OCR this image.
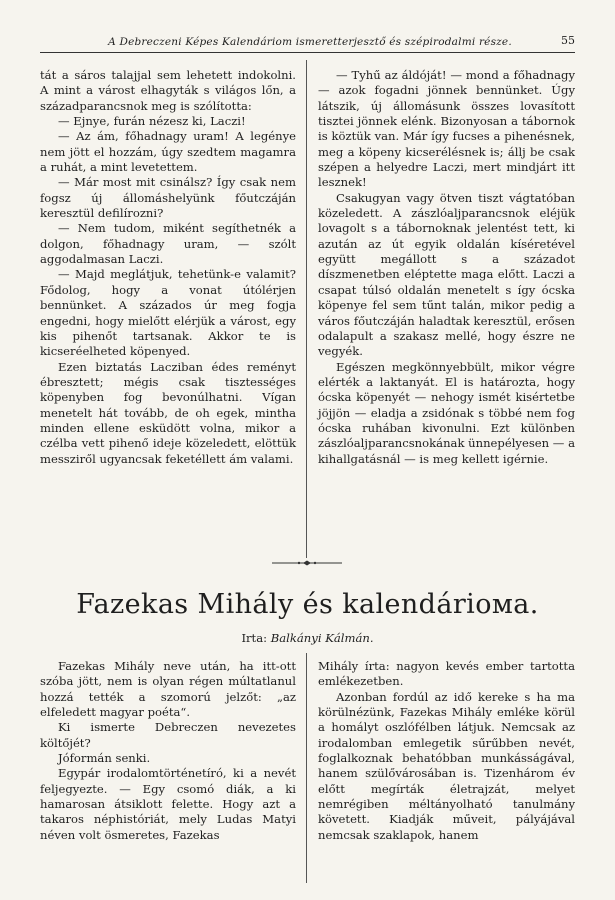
A Debreczeni Képes Kalendáriom ismeretterjesztő és szépirodalmi része.	55

tát a sáros talajjal sem lehetett indokolni. A mint a várost elhagyták s világos lőn, a századparancsnok meg is szólította:

— Ejnye, furán nézesz ki, Laczi!

— Az ám, főhadnagy uram! A legénye nem jött el hozzám, úgy szedtem magamra a ruhát, a mint levetettem.

— Már most mit csinálsz? Így csak nem fogsz új állomáshelyünk főutczáján keresztül defilírozni?

— Nem tudom, miként segíthetnék a dolgon, főhadnagy uram, — szólt aggodalmasan Laczi.

— Majd meglátjuk, tehetünk-e valamit? Fődolog, hogy a vonat útólérjen bennünket. A százados úr meg fogja engedni, hogy mielőtt elérjük a várost, egy kis pihenőt tartsanak. Akkor te is kicseréelheted köpenyed.

Ezen biztatás Lacziban édes reményt ébresztett; mégis csak tisztességes köpenyben fog bevonúlhatni. Vígan menetelt hát tovább, de oh egek, mintha minden ellene esküdött volna, mikor a czélba vett pihenő ideje közeledett, elöttük messziről ugyancsak feketéllett ám valami.

— Tyhű az áldóját! — mond a főhadnagy — azok fogadni jönnek bennünket. Úgy látszik, új állomásunk összes lovasított tisztei jönnek elénk. Bizonyosan a tábornok is köztük van. Már így fucses a pihenésnek, meg a köpeny kicserélésnek is; állj be csak szépen a helyedre Laczi, mert mindjárt itt lesznek!

Csakugyan vagy ötven tiszt vágtatóban közeledett. A zászlóaljparancsnok eléjük lovagolt s a tábornoknak jelentést tett, ki azután az út egyik oldalán kíséretével együtt megállott s a századot díszmenetben eléptette maga előtt. Laczi a csapat túlsó oldalán menetelt s így ócska köpenye fel sem tűnt talán, mikor pedig a város főutczáján haladtak keresztül, erősen odalapult a szakasz mellé, hogy észre ne vegyék.

Egészen megkönnyebbült, mikor végre elérték a laktanyát. El is határozta, hogy ócska köpenyét — nehogy ismét kisértetbe jöjjön — eladja a zsidónak s többé nem fog ócska ruhában kivonulni. Ezt különben zászlóaljparancsnokának ünnepélyesen — a kihallgatásnál — is meg kellett igérnie.

Fazekas Mihály és kalendáriома.
Irta: Balkányi Kálmán.

Fazekas Mihály neve után, ha itt-ott szóba jött, nem is olyan régen múltatlanul hozzá tették a szomorú jelzőt: „az elfeledett magyar poéta“.

Ki ismerte Debreczen nevezetes költőjét?

Jóformán senki.

Egypár irodalomtörténetíró, ki a nevét feljegyezte. — Egy csomó diák, a ki hamarosan átsiklott felette. Hogy azt a takaros néphistóriát, mely Ludas Matyi néven volt ösmeretes, Fazekas

Mihály írta: nagyon kevés ember tartotta emlékezetben.

Azonban fordúl az idő kereke s ha ma körülnézünk, Fazekas Mihály emléke körül a homályt oszlófélben látjuk. Nemcsak az irodalomban emlegetik sűrűbben nevét, foglalkoznak behatóbban munkásságával, hanem szülővárosában is. Tizenhárom év előtt megírták életrajzát, melyet nemrégiben méltányolható tanulmány követett. Kiadják műveit, pályájával nemcsak szaklapok, hanem
